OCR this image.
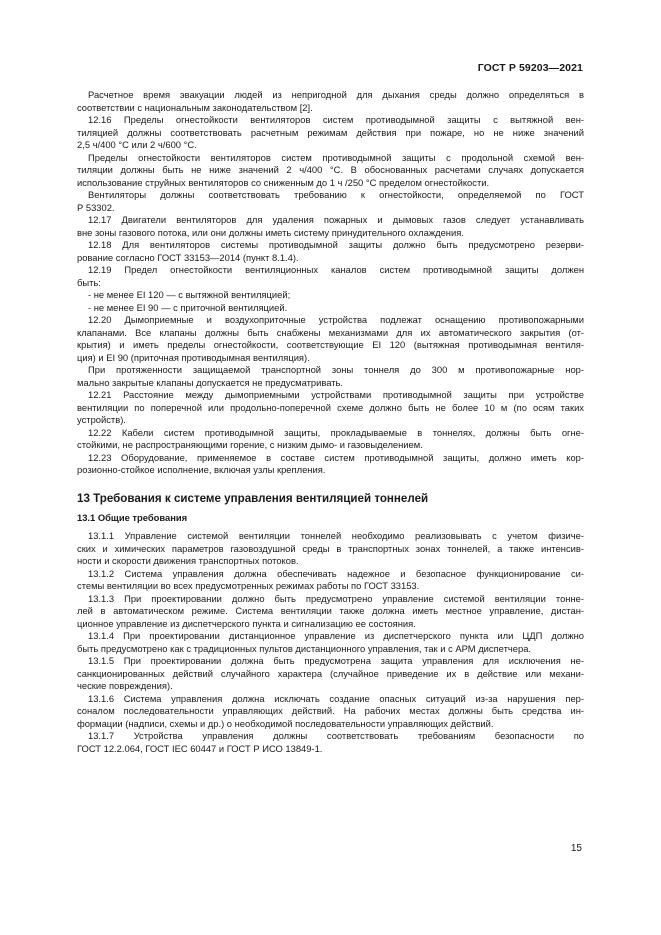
ГОСТ Р 59203—2021
Расчетное время эвакуации людей из непригодной для дыхания среды должно определяться в
соответствии с национальным законодательством [2].
12.16 Пределы огнестойкости вентиляторов систем противодымной защиты с вытяжной вен-
тиляцией должны соответствовать расчетным режимам действия при пожаре, но не ниже значений
2,5 ч/400 °С или 2 ч/600 °С.
Пределы огнестойкости вентиляторов систем противодымной защиты с продольной схемой вен-
тиляции должны быть не ниже значений 2 ч/400 °С. В обоснованных расчетами случаях допускается
использование струйных вентиляторов со сниженным до 1 ч /250 °С пределом огнестойкости.
Вентиляторы должны соответствовать требованию к огнестойкости, определяемой по ГОСТ
Р 53302.
12.17 Двигатели вентиляторов для удаления пожарных и дымовых газов следует устанавливать
вне зоны газового потока, или они должны иметь систему принудительного охлаждения.
12.18 Для вентиляторов системы противодымной защиты должно быть предусмотрено резерви-
рование согласно ГОСТ 33153—2014 (пункт 8.1.4).
12.19 Предел огнестойкости вентиляционных каналов систем противодымной защиты должен
быть:
- не менее EI 120 — с вытяжной вентиляцией;
- не менее EI 90 — с приточной вентиляцией.
12.20 Дымоприемные и воздухоприточные устройства подлежат оснащению противопожарными
клапанами. Все клапаны должны быть снабжены механизмами для их автоматического закрытия (от-
крытия) и иметь пределы огнестойкости, соответствующие EI 120 (вытяжная противодымная вентиля-
ция) и EI 90 (приточная противодымная вентиляция).
При протяженности защищаемой транспортной зоны тоннеля до 300 м противопожарные нор-
мально закрытые клапаны допускается не предусматривать.
12.21 Расстояние между дымоприемными устройствами противодымной защиты при устройстве
вентиляции по поперечной или продольно-поперечной схеме должно быть не более 10 м (по осям таких
устройств).
12.22 Кабели систем противодымной защиты, прокладываемые в тоннелях, должны быть огне-
стойкими, не распространяющими горение, с низким дымо- и газовыделением.
12.23 Оборудование, применяемое в составе систем противодымной защиты, должно иметь кор-
розионно-стойкое исполнение, включая узлы крепления.
13 Требования к системе управления вентиляцией тоннелей
13.1 Общие требования
13.1.1 Управление системой вентиляции тоннелей необходимо реализовывать с учетом физиче-
ских и химических параметров газовоздушной среды в транспортных зонах тоннелей, а также интенсив-
ности и скорости движения транспортных потоков.
13.1.2 Система управления должна обеспечивать надежное и безопасное функционирование си-
стемы вентиляции во всех предусмотренных режимах работы по ГОСТ 33153.
13.1.3 При проектировании должно быть предусмотрено управление системой вентиляции тонне-
лей в автоматическом режиме. Система вентиляции также должна иметь местное управление, дистан-
ционное управление из диспетчерского пункта и сигнализацию ее состояния.
13.1.4 При проектировании дистанционное управление из диспетчерского пункта или ЦДП должно
быть предусмотрено как с традиционных пультов дистанционного управления, так и с АРМ диспетчера.
13.1.5 При проектировании должна быть предусмотрена защита управления для исключения не-
санкционированных действий случайного характера (случайное приведение их в действие или механи-
ческие повреждения).
13.1.6 Система управления должна исключать создание опасных ситуаций из-за нарушения пер-
соналом последовательности управляющих действий. На рабочих местах должны быть средства ин-
формации (надписи, схемы и др.) о необходимой последовательности управляющих действий.
13.1.7 Устройства управления должны соответствовать требованиям безопасности по
ГОСТ 12.2.064, ГОСТ IEC 60447 и ГОСТ Р ИСО 13849-1.
15
